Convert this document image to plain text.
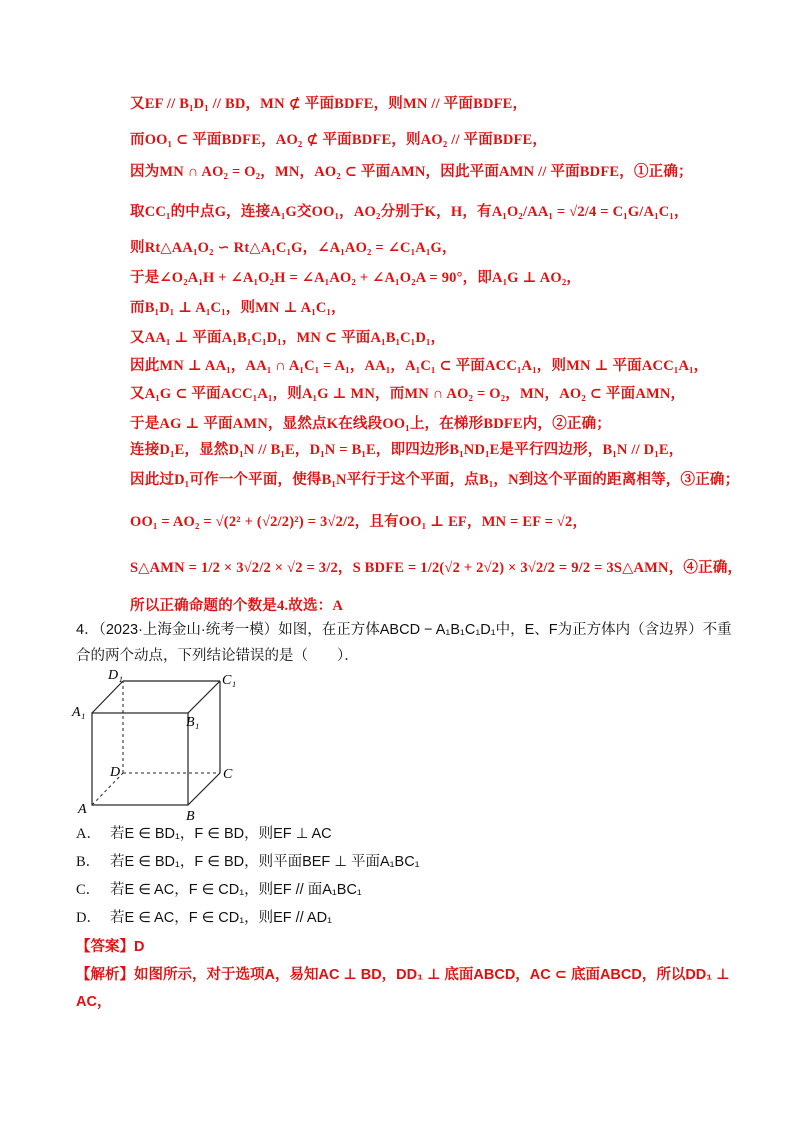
又EF // B₁D₁ // BD，MN ⊄ 平面BDFE，则MN // 平面BDFE，
而OO₁ ⊂ 平面BDFE，AO₂ ⊄ 平面BDFE，则AO₂ // 平面BDFE，
因为MN ∩ AO₂ = O₂，MN，AO₂ ⊂ 平面AMN，因此平面AMN // 平面BDFE，①正确；
取CC₁的中点G，连接A₁G交OO₁，AO₂分别于K，H，有A₁O₂/AA₁ = √2/4 = C₁G/A₁C₁，
则Rt△AA₁O₂ ∽ Rt△A₁C₁G，∠A₁AO₂ = ∠C₁A₁G，
于是∠O₂A₁H + ∠A₁O₂H = ∠A₁AO₂ + ∠A₁O₂A = 90°，即A₁G ⊥ AO₂，
而B₁D₁ ⊥ A₁C₁，则MN ⊥ A₁C₁，
又AA₁ ⊥ 平面A₁B₁C₁D₁，MN ⊂ 平面A₁B₁C₁D₁，
因此MN ⊥ AA₁，AA₁ ∩ A₁C₁ = A₁，AA₁，A₁C₁ ⊂ 平面ACC₁A₁，则MN ⊥ 平面ACC₁A₁，
又A₁G ⊂ 平面ACC₁A₁，则A₁G ⊥ MN，而MN ∩ AO₂ = O₂，MN，AO₂ ⊂ 平面AMN，
于是AG ⊥ 平面AMN，显然点K在线段OO₁上，在梯形BDFE内，②正确；
连接D₁E，显然D₁N // B₁E，D₁N = B₁E，即四边形B₁ND₁E是平行四边形，B₁N // D₁E，
因此过D₁可作一个平面，使得B₁N平行于这个平面，点B₁，N到这个平面的距离相等，③正确；
OO₁ = AO₂ = √(2² + (√2/2)²) = 3√2/2，且有OO₁ ⊥ EF，MN = EF = √2，
S△AMN = 1/2 × 3√2/2 × √2 = 3/2，S BDFE = 1/2(√2 + 2√2) × 3√2/2 = 9/2 = 3S△AMN，④正确，
所以正确命题的个数是4.故选：A
4．（2023·上海金山·统考一模）如图，在正方体ABCD − A₁B₁C₁D₁中，E、F为正方体内（含边界）不重合的两个动点，下列结论错误的是（　　）．
D₁	C₁
A₁
B₁
D	C
A	B
A． 若E ∈ BD₁，F ∈ BD，则EF ⊥ AC
B． 若E ∈ BD₁，F ∈ BD，则平面BEF ⊥ 平面A₁BC₁
C． 若E ∈ AC，F ∈ CD₁，则EF // 面A₁BC₁
D． 若E ∈ AC，F ∈ CD₁，则EF // AD₁
【答案】D
【解析】如图所示，对于选项A，易知AC ⊥ BD，DD₁ ⊥ 底面ABCD，AC ⊂ 底面ABCD，所以DD₁ ⊥ AC，
